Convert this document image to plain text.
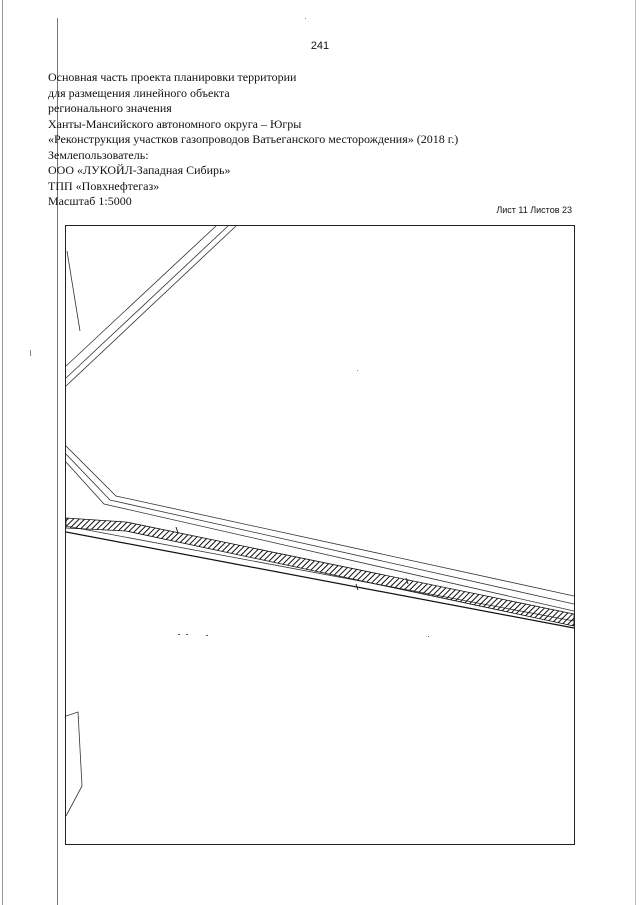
241
Основная часть проекта планировки территории
для размещения линейного объекта
регионального значения
Ханты-Мансийского автономного округа – Югры
«Реконструкция участков газопроводов Ватьеганского месторождения» (2018 г.)
Землепользователь:
ООО «ЛУКОЙЛ-Западная Сибирь»
ТПП «Повхнефтегаз»
Масштаб 1:5000
Лист 11 Листов 23
